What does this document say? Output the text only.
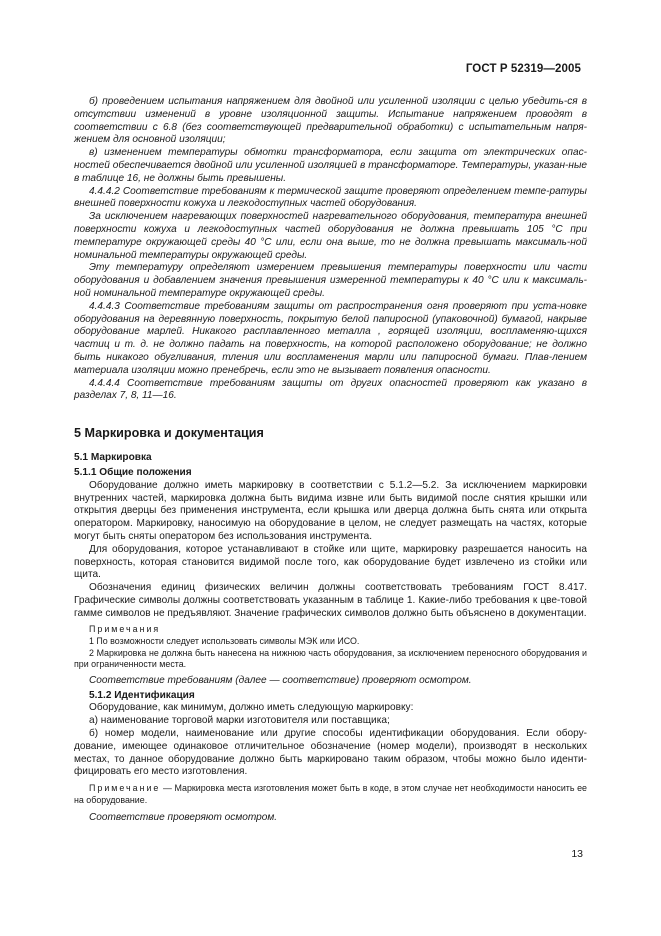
ГОСТ Р 52319—2005

б) проведением испытания напряжением для двойной или усиленной изоляции с целью убедить-ся в отсутствии изменений в уровне изоляционной защиты. Испытание напряжением проводят в соответствии с 6.8 (без соответствующей предварительной обработки) с испытательным напря-жением для основной изоляции;

в) изменением температуры обмотки трансформатора, если защита от электрических опас-ностей обеспечивается двойной или усиленной изоляцией в трансформаторе. Температуры, указан-ные в таблице 16, не должны быть превышены.

4.4.4.2 Соответствие требованиям к термической защите проверяют определением темпе-ратуры внешней поверхности кожуха и легкодоступных частей оборудования.

За исключением нагревающих поверхностей нагревательного оборудования, температура внешней поверхности кожуха и легкодоступных частей оборудования не должна превышать 105 °С при температуре окружающей среды 40 °С или, если она выше, то не должна превышать максималь-ной номинальной температуры окружающей среды.

Эту температуру определяют измерением превышения температуры поверхности или части оборудования и добавлением значения превышения измеренной температуры к 40 °С или к максималь-ной номинальной температуре окружающей среды.

4.4.4.3 Соответствие требованиям защиты от распространения огня проверяют при уста-новке оборудования на деревянную поверхность, покрытую белой папиросной (упаковочной) бумагой, накрыве оборудование марлей. Никакого расплавленного металла , горящей изоляции, воспламеняю-щихся частиц и т. д. не должно падать на поверхность, на которой расположено оборудование; не должно быть никакого обугливания, тления или воспламенения марли или папиросной бумаги. Плав-лением материала изоляции можно пренебречь, если это не вызывает появления опасности.

4.4.4.4 Соответствие требованиям защиты от других опасностей проверяют как указано в разделах 7, 8, 11—16.

5 Маркировка и документация

5.1 Маркировка

5.1.1 Общие положения

Оборудование должно иметь маркировку в соответствии с 5.1.2—5.2. За исключением маркировки внутренних частей, маркировка должна быть видима извне или быть видимой после снятия крышки или открытия дверцы без применения инструмента, если крышка или дверца должна быть снята или открыта оператором. Маркировку, наносимую на оборудование в целом, не следует размещать на частях, которые могут быть сняты оператором без использования инструмента.

Для оборудования, которое устанавливают в стойке или щите, маркировку разрешается наносить на поверхность, которая становится видимой после того, как оборудование будет извлечено из стойки или щита.

Обозначения единиц физических величин должны соответствовать требованиям ГОСТ 8.417. Графические символы должны соответствовать указанным в таблице 1. Какие-либо требования к цве-товой гамме символов не предъявляют. Значение графических символов должно быть объяснено в документации.

Примечания

1 По возможности следует использовать символы МЭК или ИСО.

2 Маркировка не должна быть нанесена на нижнюю часть оборудования, за исключением переносного оборудования и при ограниченности места.

Соответствие требованиям (далее — соответствие) проверяют осмотром.

5.1.2 Идентификация

Оборудование, как минимум, должно иметь следующую маркировку:

а) наименование торговой марки изготовителя или поставщика;

б) номер модели, наименование или другие способы идентификации оборудования. Если обору-дование, имеющее одинаковое отличительное обозначение (номер модели), производят в нескольких местах, то данное оборудование должно быть маркировано таким образом, чтобы можно было иденти-фицировать его место изготовления.

Примечание — Маркировка места изготовления может быть в коде, в этом случае нет необходимости наносить ее на оборудование.

Соответствие проверяют осмотром.

13
